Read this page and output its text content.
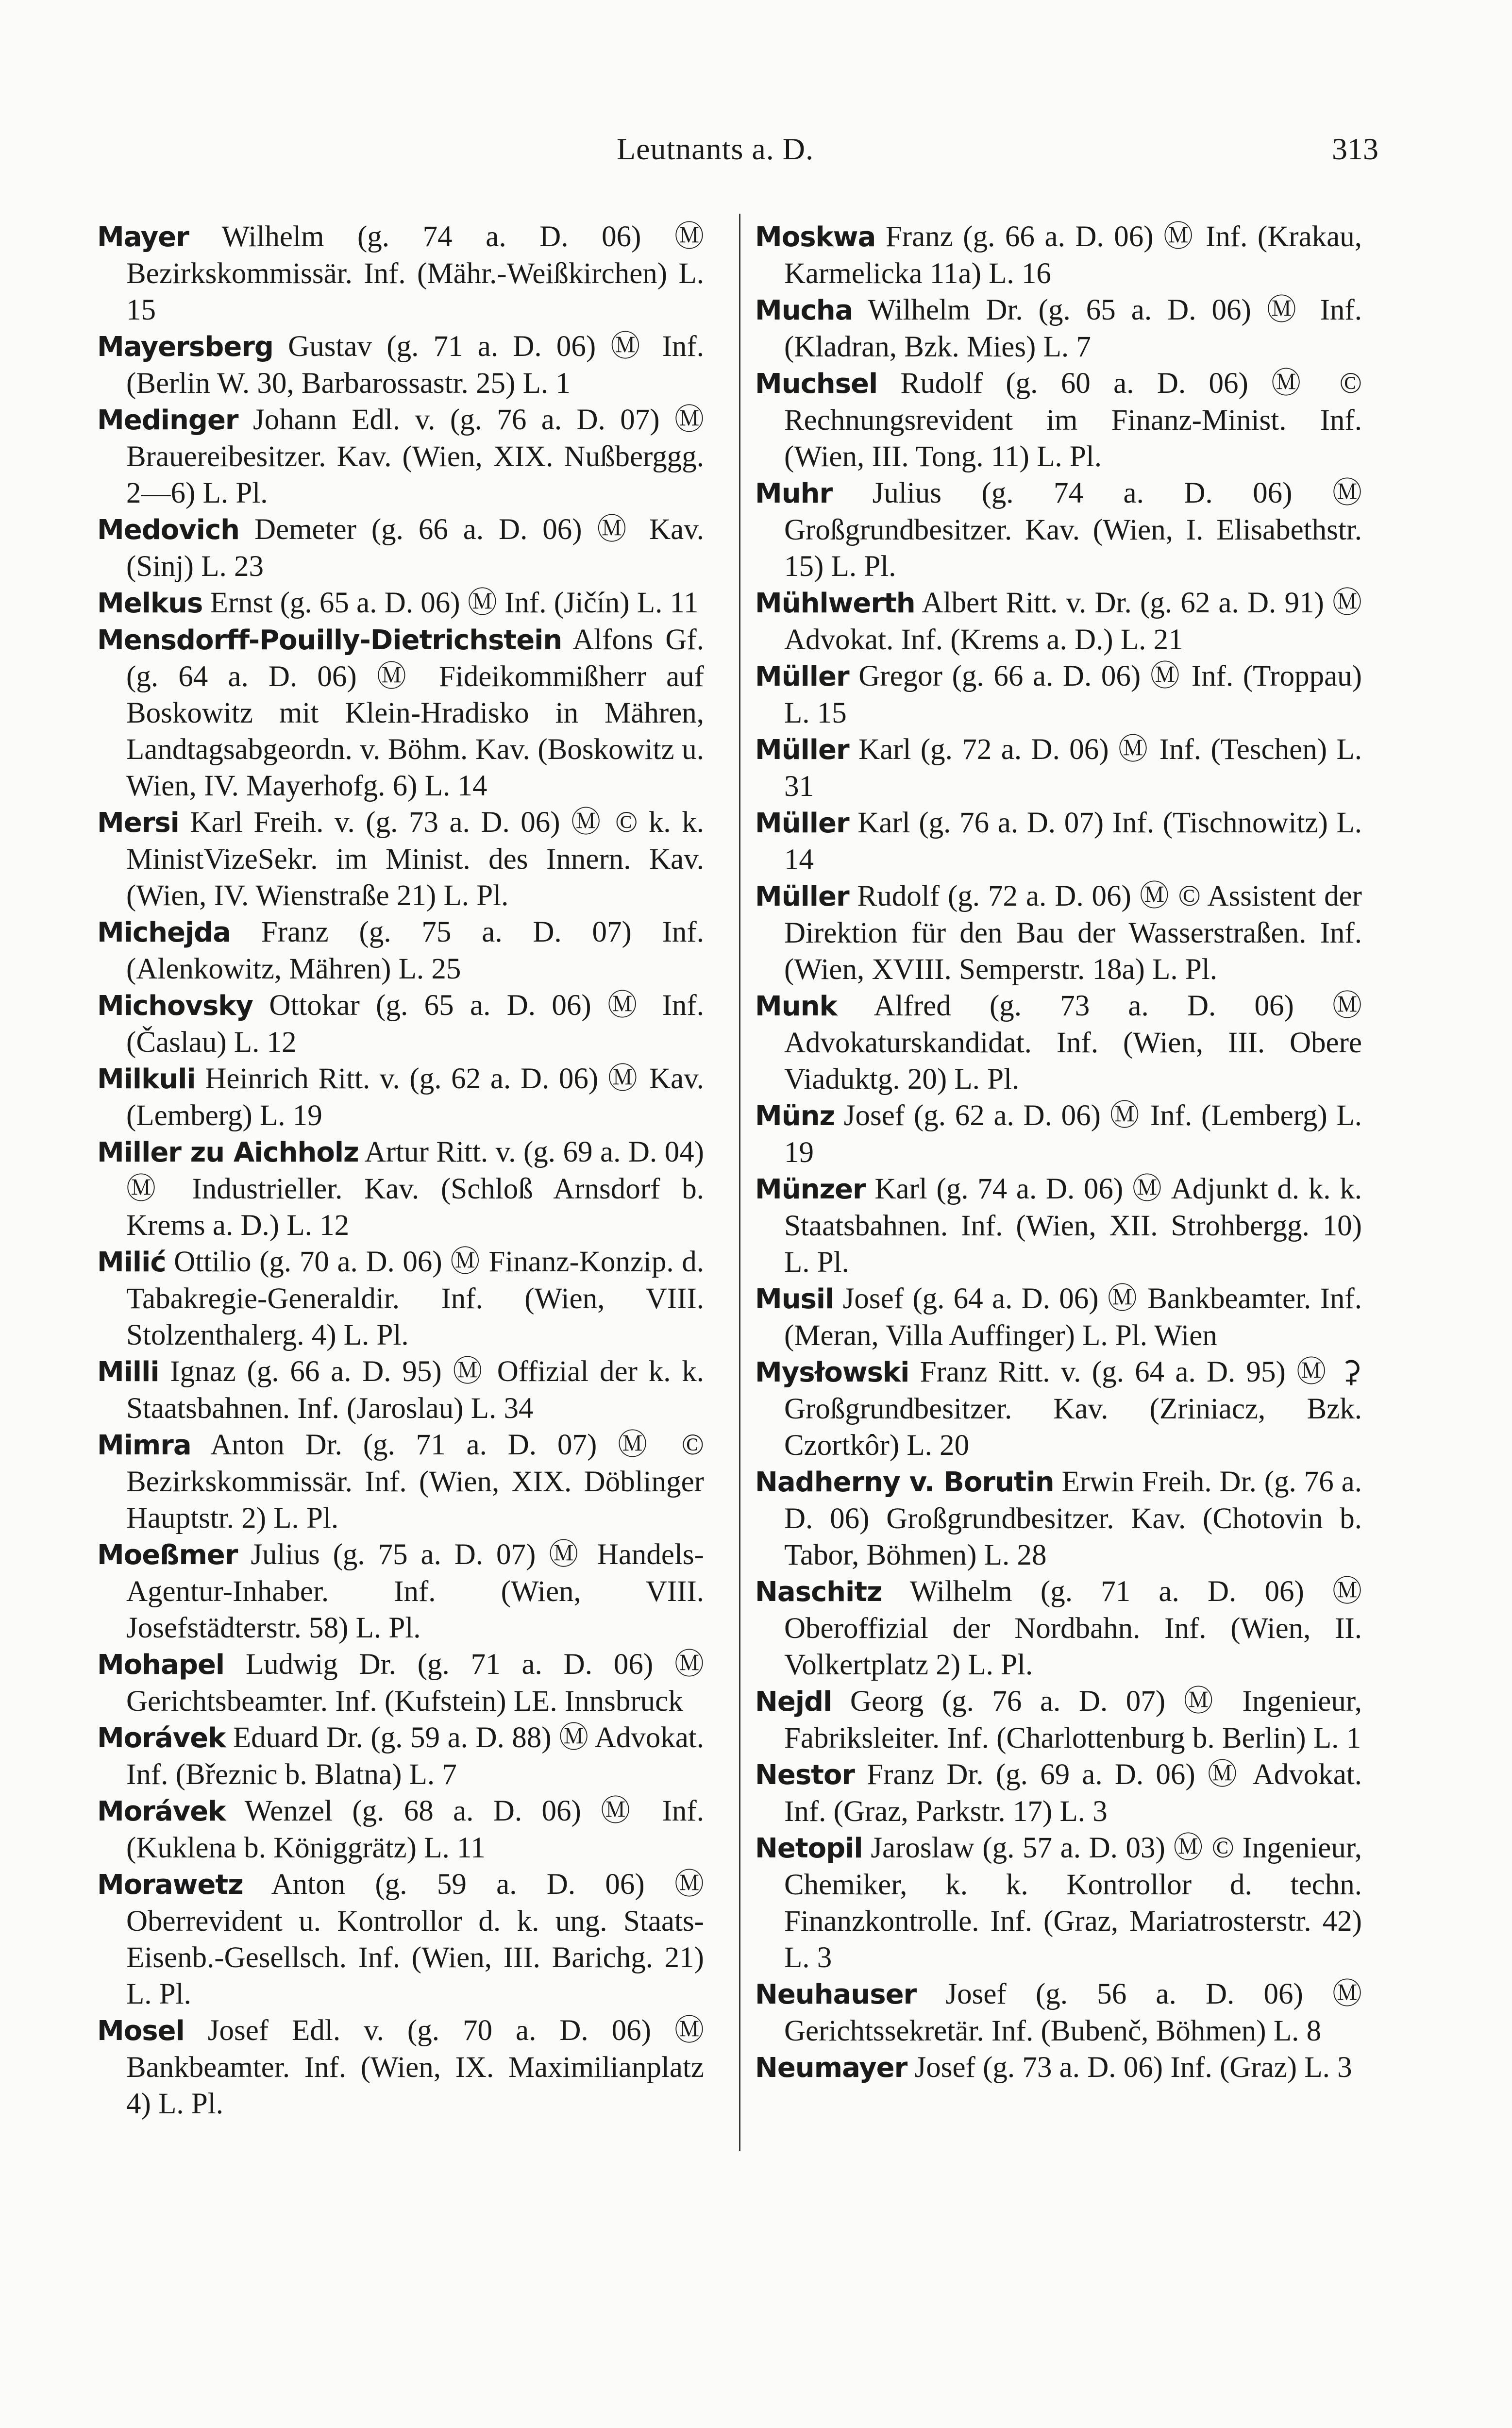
Leutnants a. D.	313

Mayer Wilhelm (g. 74 a. D. 06) Ⓜ Bezirkskommissär. Inf. (Mähr.-Weißkirchen) L. 15

Mayersberg Gustav (g. 71 a. D. 06) Ⓜ Inf. (Berlin W. 30, Barbarossastr. 25) L. 1

Medinger Johann Edl. v. (g. 76 a. D. 07) Ⓜ Brauereibesitzer. Kav. (Wien, XIX. Nußberggg. 2—6) L. Pl.

Medovich Demeter (g. 66 a. D. 06) Ⓜ Kav. (Sinj) L. 23

Melkus Ernst (g. 65 a. D. 06) Ⓜ Inf. (Jičín) L. 11

Mensdorff-Pouilly-Dietrichstein Alfons Gf. (g. 64 a. D. 06) Ⓜ Fideikommißherr auf Boskowitz mit Klein-Hradisko in Mähren, Landtagsabgeordn. v. Böhm. Kav. (Boskowitz u. Wien, IV. Mayerhofg. 6) L. 14

Mersi Karl Freih. v. (g. 73 a. D. 06) Ⓜ © k. k. MinistVizeSekr. im Minist. des Innern. Kav. (Wien, IV. Wienstraße 21) L. Pl.

Michejda Franz (g. 75 a. D. 07) Inf. (Alenkowitz, Mähren) L. 25

Michovsky Ottokar (g. 65 a. D. 06) Ⓜ Inf. (Časlau) L. 12

Milkuli Heinrich Ritt. v. (g. 62 a. D. 06) Ⓜ Kav. (Lemberg) L. 19

Miller zu Aichholz Artur Ritt. v. (g. 69 a. D. 04) Ⓜ Industrieller. Kav. (Schloß Arnsdorf b. Krems a. D.) L. 12

Milić Ottilio (g. 70 a. D. 06) Ⓜ Finanz-Konzip. d. Tabakregie-Generaldir. Inf. (Wien, VIII. Stolzenthalerg. 4) L. Pl.

Milli Ignaz (g. 66 a. D. 95) Ⓜ Offizial der k. k. Staatsbahnen. Inf. (Jaroslau) L. 34

Mimra Anton Dr. (g. 71 a. D. 07) Ⓜ © Bezirkskommissär. Inf. (Wien, XIX. Döblinger Hauptstr. 2) L. Pl.

Moeßmer Julius (g. 75 a. D. 07) Ⓜ Handels-Agentur-Inhaber. Inf. (Wien, VIII. Josefstädterstr. 58) L. Pl.

Mohapel Ludwig Dr. (g. 71 a. D. 06) Ⓜ Gerichtsbeamter. Inf. (Kufstein) LE. Innsbruck

Morávek Eduard Dr. (g. 59 a. D. 88) Ⓜ Advokat. Inf. (Březnic b. Blatna) L. 7

Morávek Wenzel (g. 68 a. D. 06) Ⓜ Inf. (Kuklena b. Königgrätz) L. 11

Morawetz Anton (g. 59 a. D. 06) Ⓜ Oberrevident u. Kontrollor d. k. ung. Staats-Eisenb.-Gesellsch. Inf. (Wien, III. Barichg. 21) L. Pl.

Mosel Josef Edl. v. (g. 70 a. D. 06) Ⓜ Bankbeamter. Inf. (Wien, IX. Maximilianplatz 4) L. Pl.

Moskwa Franz (g. 66 a. D. 06) Ⓜ Inf. (Krakau, Karmelicka 11a) L. 16

Mucha Wilhelm Dr. (g. 65 a. D. 06) Ⓜ Inf. (Kladran, Bzk. Mies) L. 7

Muchsel Rudolf (g. 60 a. D. 06) Ⓜ © Rechnungsrevident im Finanz-Minist. Inf. (Wien, III. Tong. 11) L. Pl.

Muhr Julius (g. 74 a. D. 06) Ⓜ Großgrundbesitzer. Kav. (Wien, I. Elisabethstr. 15) L. Pl.

Mühlwerth Albert Ritt. v. Dr. (g. 62 a. D. 91) Ⓜ Advokat. Inf. (Krems a. D.) L. 21

Müller Gregor (g. 66 a. D. 06) Ⓜ Inf. (Troppau) L. 15

Müller Karl (g. 72 a. D. 06) Ⓜ Inf. (Teschen) L. 31

Müller Karl (g. 76 a. D. 07) Inf. (Tischnowitz) L. 14

Müller Rudolf (g. 72 a. D. 06) Ⓜ © Assistent der Direktion für den Bau der Wasserstraßen. Inf. (Wien, XVIII. Semperstr. 18a) L. Pl.

Munk Alfred (g. 73 a. D. 06) Ⓜ Advokaturskandidat. Inf. (Wien, III. Obere Viaduktg. 20) L. Pl.

Münz Josef (g. 62 a. D. 06) Ⓜ Inf. (Lemberg) L. 19

Münzer Karl (g. 74 a. D. 06) Ⓜ Adjunkt d. k. k. Staatsbahnen. Inf. (Wien, XII. Strohbergg. 10) L. Pl.

Musil Josef (g. 64 a. D. 06) Ⓜ Bankbeamter. Inf. (Meran, Villa Auffinger) L. Pl. Wien

Mysłowski Franz Ritt. v. (g. 64 a. D. 95) Ⓜ ⚳ Großgrundbesitzer. Kav. (Zriniacz, Bzk. Czortkôr) L. 20

Nadherny v. Borutin Erwin Freih. Dr. (g. 76 a. D. 06) Großgrundbesitzer. Kav. (Chotovin b. Tabor, Böhmen) L. 28

Naschitz Wilhelm (g. 71 a. D. 06) Ⓜ Oberoffizial der Nordbahn. Inf. (Wien, II. Volkertplatz 2) L. Pl.

Nejdl Georg (g. 76 a. D. 07) Ⓜ Ingenieur, Fabriksleiter. Inf. (Charlottenburg b. Berlin) L. 1

Nestor Franz Dr. (g. 69 a. D. 06) Ⓜ Advokat. Inf. (Graz, Parkstr. 17) L. 3

Netopil Jaroslaw (g. 57 a. D. 03) Ⓜ © Ingenieur, Chemiker, k. k. Kontrollor d. techn. Finanzkontrolle. Inf. (Graz, Mariatrosterstr. 42) L. 3

Neuhauser Josef (g. 56 a. D. 06) Ⓜ Gerichtssekretär. Inf. (Bubenč, Böhmen) L. 8

Neumayer Josef (g. 73 a. D. 06) Inf. (Graz) L. 3
